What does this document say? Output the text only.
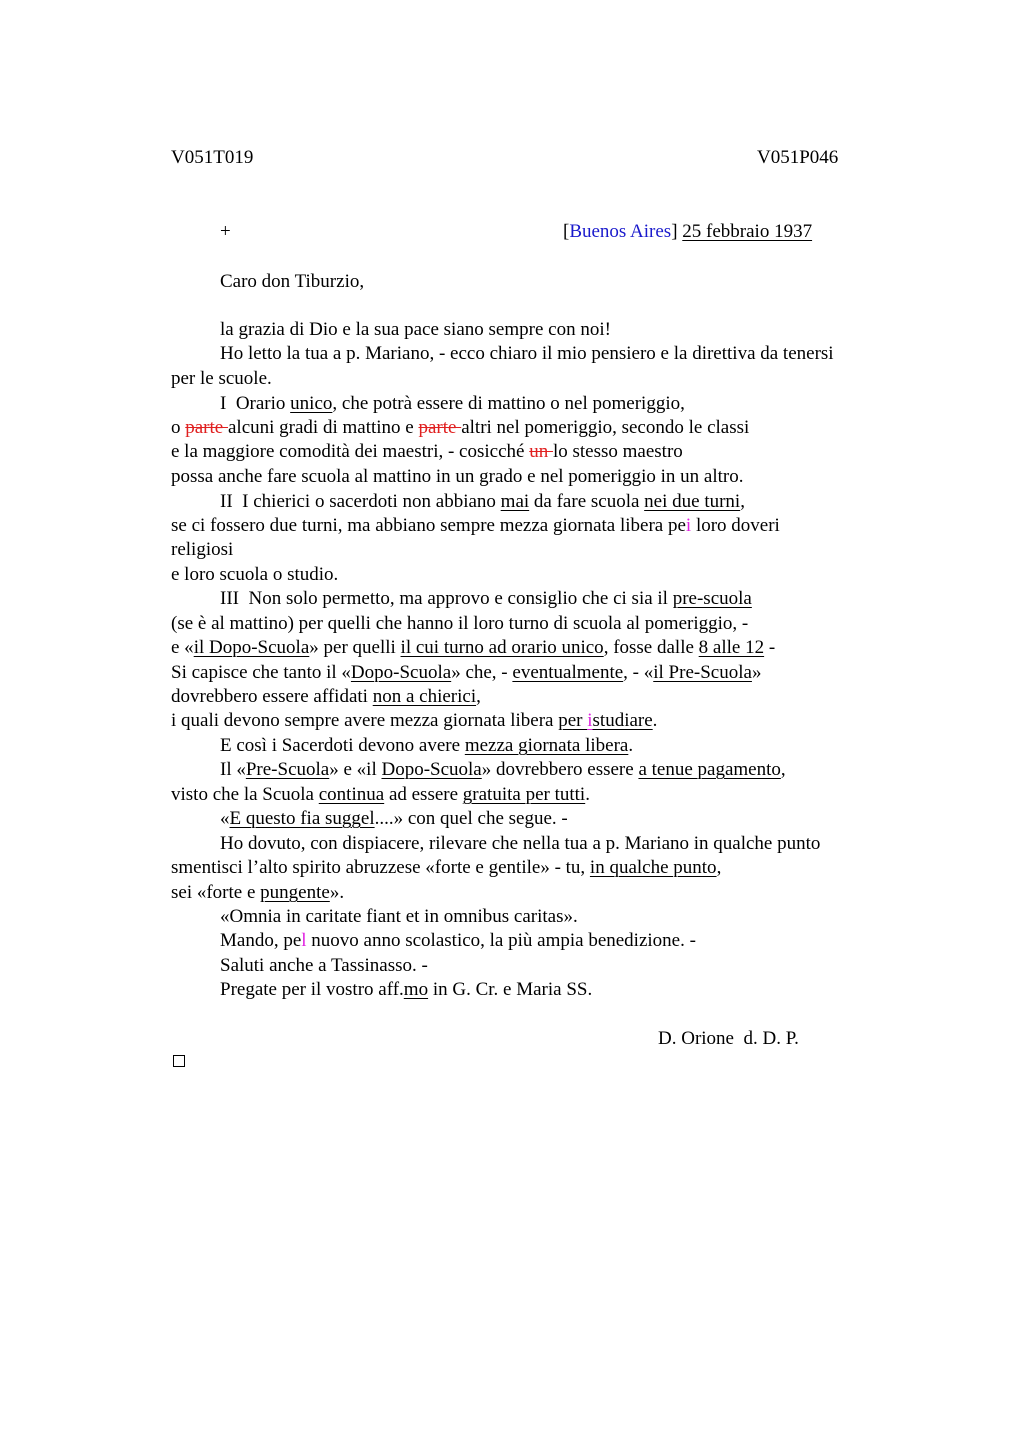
V051T019	V051P046
+	[Buenos Aires] 25 febbraio 1937
Caro don Tiburzio,
la grazia di Dio e la sua pace siano sempre con noi!
Ho letto la tua a p. Mariano, - ecco chiaro il mio pensiero e la direttiva da tenersi
per le scuole.
I  Orario unico, che potrà essere di mattino o nel pomeriggio,
o parte alcuni gradi di mattino e parte altri nel pomeriggio, secondo le classi
e la maggiore comodità dei maestri, - cosicché un lo stesso maestro
possa anche fare scuola al mattino in un grado e nel pomeriggio in un altro.
II  I chierici o sacerdoti non abbiano mai da fare scuola nei due turni,
se ci fossero due turni, ma abbiano sempre mezza giornata libera pei loro doveri
religiosi
e loro scuola o studio.
III  Non solo permetto, ma approvo e consiglio che ci sia il pre-scuola
(se è al mattino) per quelli che hanno il loro turno di scuola al pomeriggio, -
e «il Dopo-Scuola» per quelli il cui turno ad orario unico, fosse dalle 8 alle 12 -
Si capisce che tanto il «Dopo-Scuola» che, - eventualmente, - «il Pre-Scuola»
dovrebbero essere affidati non a chierici,
i quali devono sempre avere mezza giornata libera per istudiare.
E così i Sacerdoti devono avere mezza giornata libera.
Il «Pre-Scuola» e «il Dopo-Scuola» dovrebbero essere a tenue pagamento,
visto che la Scuola continua ad essere gratuita per tutti.
«E questo fia suggel....» con quel che segue. -
Ho dovuto, con dispiacere, rilevare che nella tua a p. Mariano in qualche punto
smentisci l’alto spirito abruzzese «forte e gentile» - tu, in qualche punto,
sei «forte e pungente».
«Omnia in caritate fiant et in omnibus caritas».
Mando, pel nuovo anno scolastico, la più ampia benedizione. -
Saluti anche a Tassinasso. -
Pregate per il vostro aff.mo in G. Cr. e Maria SS.
D. Orione  d. D. P.
